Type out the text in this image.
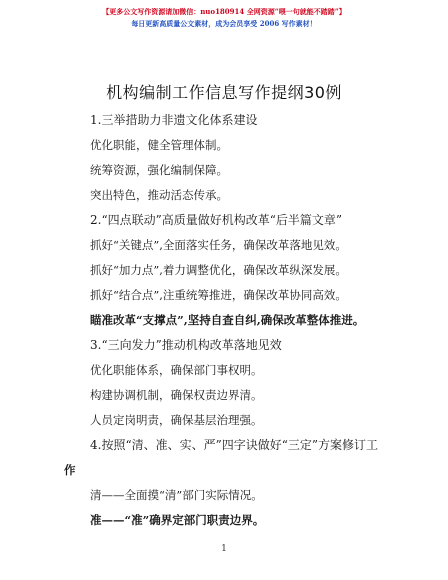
【更多公文写作资源请加微信：nuo180914 全网资源“喂一句就能不踏踏”】
每日更新高质量公文素材，成为会员享受 2006 写作素材！
机构编制工作信息写作提纲30例
1.三举措助力非遗文化体系建设
优化职能，健全管理体制。
统筹资源，强化编制保障。
突出特色，推动活态传承。
2.“四点联动”高质量做好机构改革“后半篇文章”
抓好“关键点”,全面落实任务，确保改革落地见效。
抓好“加力点”,着力调整优化，确保改革纵深发展。
抓好“结合点”,注重统筹推进，确保改革协同高效。
瞄准改革“支撑点”,坚持自查自纠,确保改革整体推进。
3.“三向发力”推动机构改革落地见效
优化职能体系，确保部门事权明。
构建协调机制，确保权责边界清。
人员定岗明责，确保基层治理强。
4.按照“清、准、实、严”四字诀做好“三定”方案修订工
作
清——全面摸“清”部门实际情况。
准——“准”确界定部门职责边界。
1
